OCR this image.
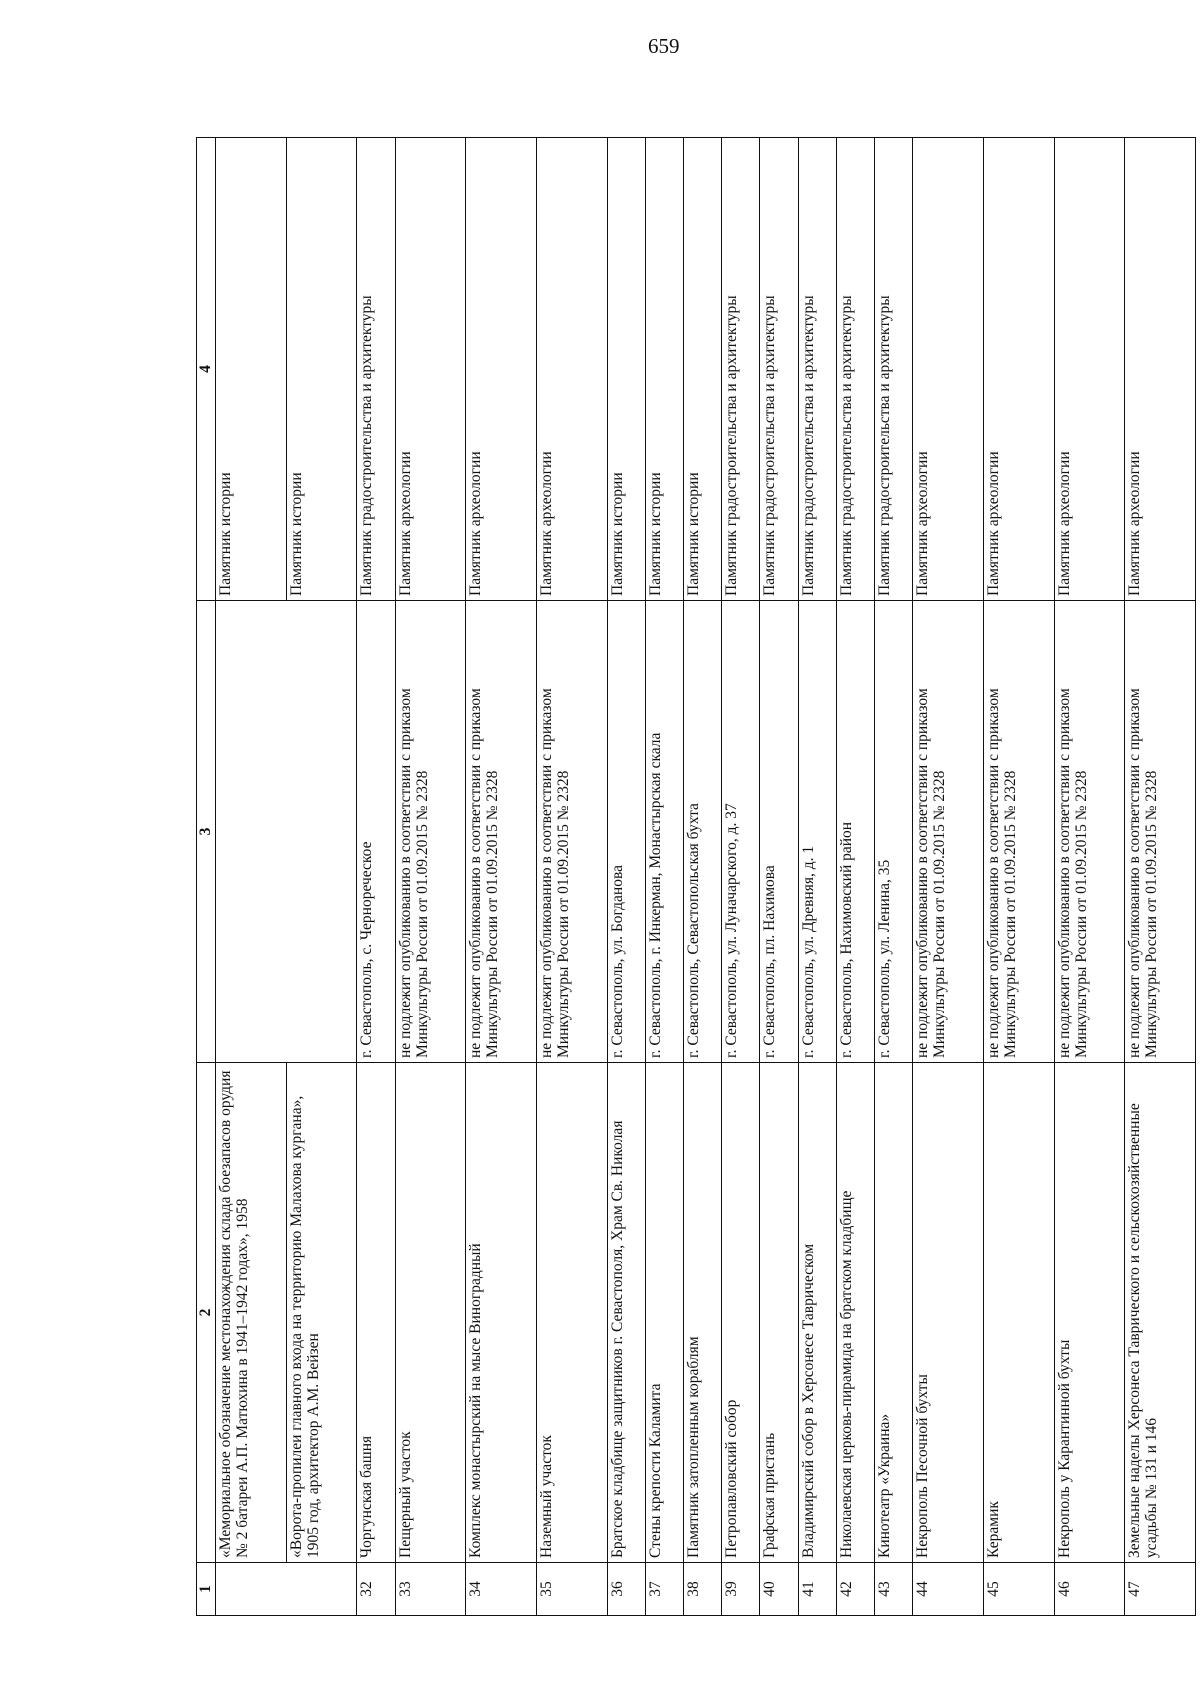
659
1	2	3	4
	«Мемориальное обозначение местонахождения склада боезапасов орудия № 2 батареи А.П. Матюхина в 1941–1942 годах», 1958		Памятник истории
	«Ворота-пропилеи главного входа на территорию Малахова кургана», 1905 год, архитектор А.М. Вейзен		Памятник истории
32	Чоргунская башня	г. Севастополь, с. Чернореческое	Памятник градостроительства и архитектуры
33	Пещерный участок	не подлежит опубликованию в соответствии с приказом Минкультуры России от 01.09.2015 № 2328	Памятник археологии
34	Комплекс монастырский на мысе Виноградный	не подлежит опубликованию в соответствии с приказом Минкультуры России от 01.09.2015 № 2328	Памятник археологии
35	Наземный участок	не подлежит опубликованию в соответствии с приказом Минкультуры России от 01.09.2015 № 2328	Памятник археологии
36	Братское кладбище защитников г. Севастополя, Храм Св. Николая	г. Севастополь, ул. Богданова	Памятник истории
37	Стены крепости Каламита	г. Севастополь, г. Инкерман, Монастырская скала	Памятник истории
38	Памятник затопленным кораблям	г. Севастополь, Севастопольская бухта	Памятник истории
39	Петропавловский собор	г. Севастополь, ул. Луначарского, д. 37	Памятник градостроительства и архитектуры
40	Графская пристань	г. Севастополь, пл. Нахимова	Памятник градостроительства и архитектуры
41	Владимирский собор в Херсонесе Таврическом	г. Севастополь, ул. Древняя, д. 1	Памятник градостроительства и архитектуры
42	Николаевская церковь-пирамида на братском кладбище	г. Севастополь, Нахимовский район	Памятник градостроительства и архитектуры
43	Кинотеатр «Украина»	г. Севастополь, ул. Ленина, 35	Памятник градостроительства и архитектуры
44	Некрополь Песочной бухты	не подлежит опубликованию в соответствии с приказом Минкультуры России от 01.09.2015 № 2328	Памятник археологии
45	Керамик	не подлежит опубликованию в соответствии с приказом Минкультуры России от 01.09.2015 № 2328	Памятник археологии
46	Некрополь у Карантинной бухты	не подлежит опубликованию в соответствии с приказом Минкультуры России от 01.09.2015 № 2328	Памятник археологии
47	Земельные наделы Херсонеса Таврического и сельскохозяйственные усадьбы № 131 и 146	не подлежит опубликованию в соответствии с приказом Минкультуры России от 01.09.2015 № 2328	Памятник археологии
